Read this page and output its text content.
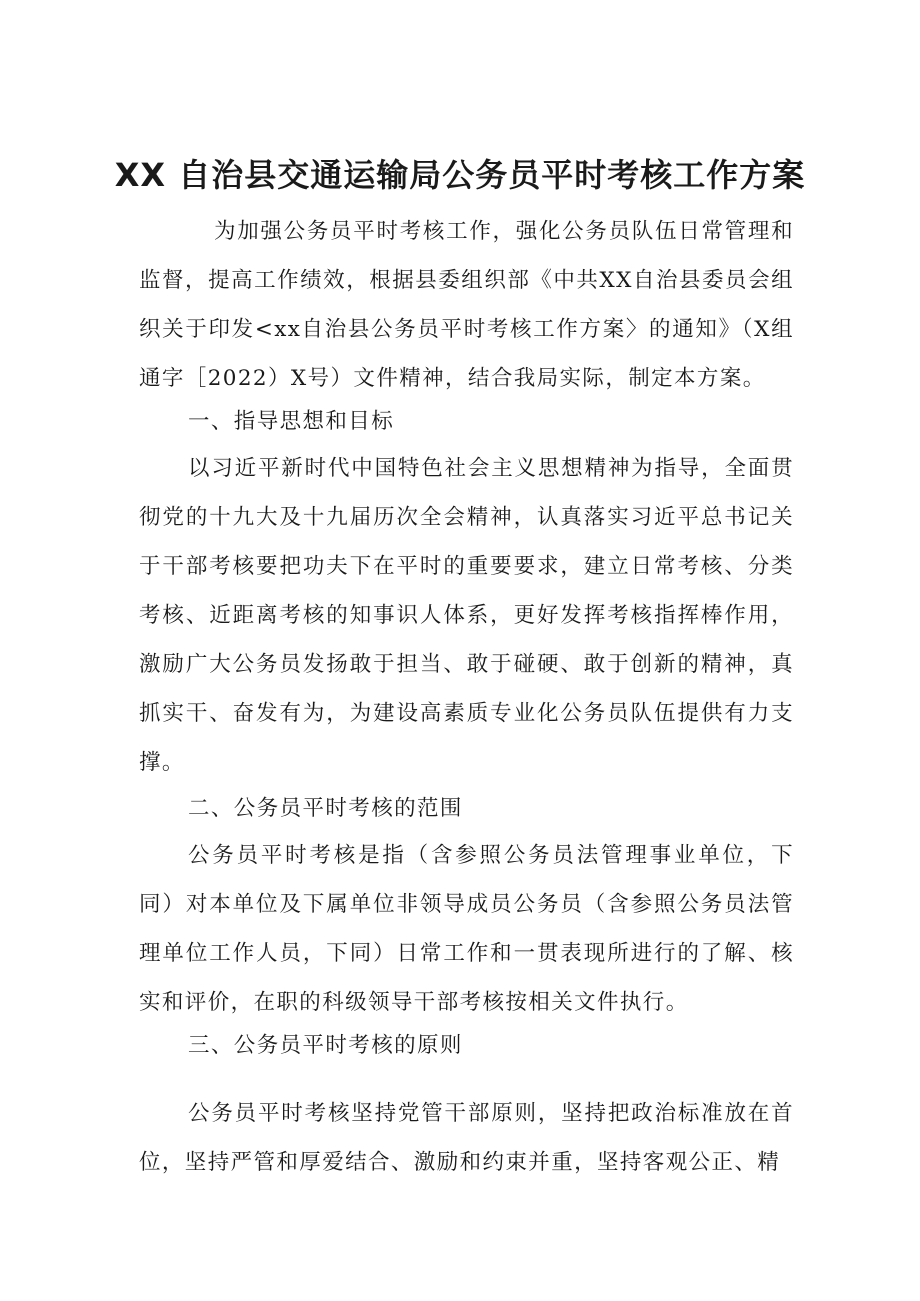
XX 自治县交通运输局公务员平时考核工作方案

为加强公务员平时考核工作，强化公务员队伍日常管理和监督，提高工作绩效，根据县委组织部《中共XX自治县委员会组织关于印发<xx自治县公务员平时考核工作方案〉的通知》（X组通字［2022）X号）文件精神，结合我局实际，制定本方案。

一、指导思想和目标

以习近平新时代中国特色社会主义思想精神为指导，全面贯彻党的十九大及十九届历次全会精神，认真落实习近平总书记关于干部考核要把功夫下在平时的重要要求，建立日常考核、分类考核、近距离考核的知事识人体系，更好发挥考核指挥棒作用，激励广大公务员发扬敢于担当、敢于碰硬、敢于创新的精神，真抓实干、奋发有为，为建设高素质专业化公务员队伍提供有力支撑。

二、公务员平时考核的范围

公务员平时考核是指（含参照公务员法管理事业单位，下同）对本单位及下属单位非领导成员公务员（含参照公务员法管理单位工作人员，下同）日常工作和一贯表现所进行的了解、核实和评价，在职的科级领导干部考核按相关文件执行。

三、公务员平时考核的原则

公务员平时考核坚持党管干部原则，坚持把政治标准放在首位，坚持严管和厚爱结合、激励和约束并重，坚持客观公正、精
